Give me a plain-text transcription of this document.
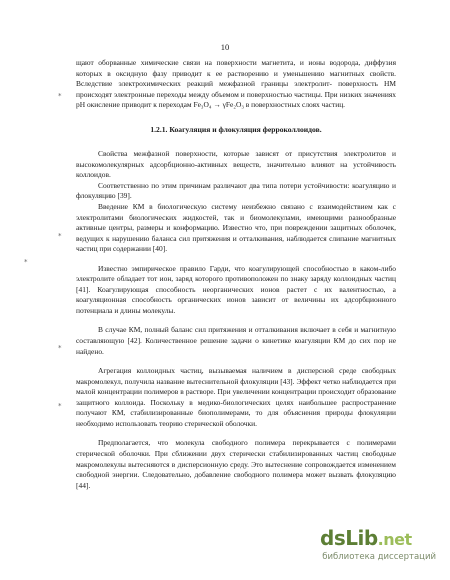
10
*
*
*
*
*

щают оборванные химические связи на поверхности магнетита, и ионы водорода, диффузия которых в оксидную фазу приводит к ее растворению и уменьшению магнитных свойств. Вследствие электрохимических реакций межфазной границы электролит- поверхность НМ происходят электронные переходы между объемом и поверхностью частицы. При низких значениях pH окисление приводит к переходам Fe₃O₄ → γFe₂O₃ в поверхностных слоях частиц.

1.2.1. Коагуляция и флокуляция ферроколлоидов.

Свойства межфазной поверхности, которые зависят от присутствия электролитов и высокомолекулярных адсорбционно-активных веществ, значительно влияют на устойчивость коллоидов.

Соответственно по этим причинам различают два типа потери устойчивости: коагуляцию и флокуляцию [39].

Введение КМ в биологическую систему неизбежно связано с взаимодействием как с электролитами биологических жидкостей, так и биомолекулами, имеющими разнообразные активные центры, размеры и конформацию. Известно что, при повреждении защитных оболочек, ведущих к нарушению баланса сил притяжения и отталкивания, наблюдается слипание магнитных частиц при содержании [40].

Известно эмпирическое правило Гарди, что коагулирующей способностью в каком-либо электролите обладает тот ион, заряд которого противоположен по знаку заряду коллоидных частиц [41]. Коагулирующая способность неорганических ионов растет с их валентностью, а коагуляционная способность органических ионов зависит от величины их адсорбционного потенциала и длины молекулы.

В случае КМ, полный баланс сил притяжения и отталкивания включает в себя и магнитную составляющую [42]. Количественное решение задачи о кинетике коагуляции КМ до сих пор не найдено.

Агрегация коллоидных частиц, вызываемая наличием в дисперсной среде свободных макромолекул, получила название вытеснительной флокуляции [43]. Эффект четко наблюдается при малой концентрации полимеров в растворе. При увеличении концентрации происходит образование защитного коллоида. Поскольку в медико-биологических целях наибольшее распространение получают КМ, стабилизированные биополимерами, то для объяснения природы флокуляции необходимо использовать теорию стерической оболочки.

Предполагается, что молекула свободного полимера перекрывается с полимерами стерической оболочки. При сближении двух стерически стабилизированных частиц свободные макромолекулы вытесняются в дисперсионную среду. Это вытеснение сопровождается изменением свободной энергии. Следовательно, добавление свободного полимера может вызвать флокуляцию [44].

dsLib.net
библиотека диссертаций
